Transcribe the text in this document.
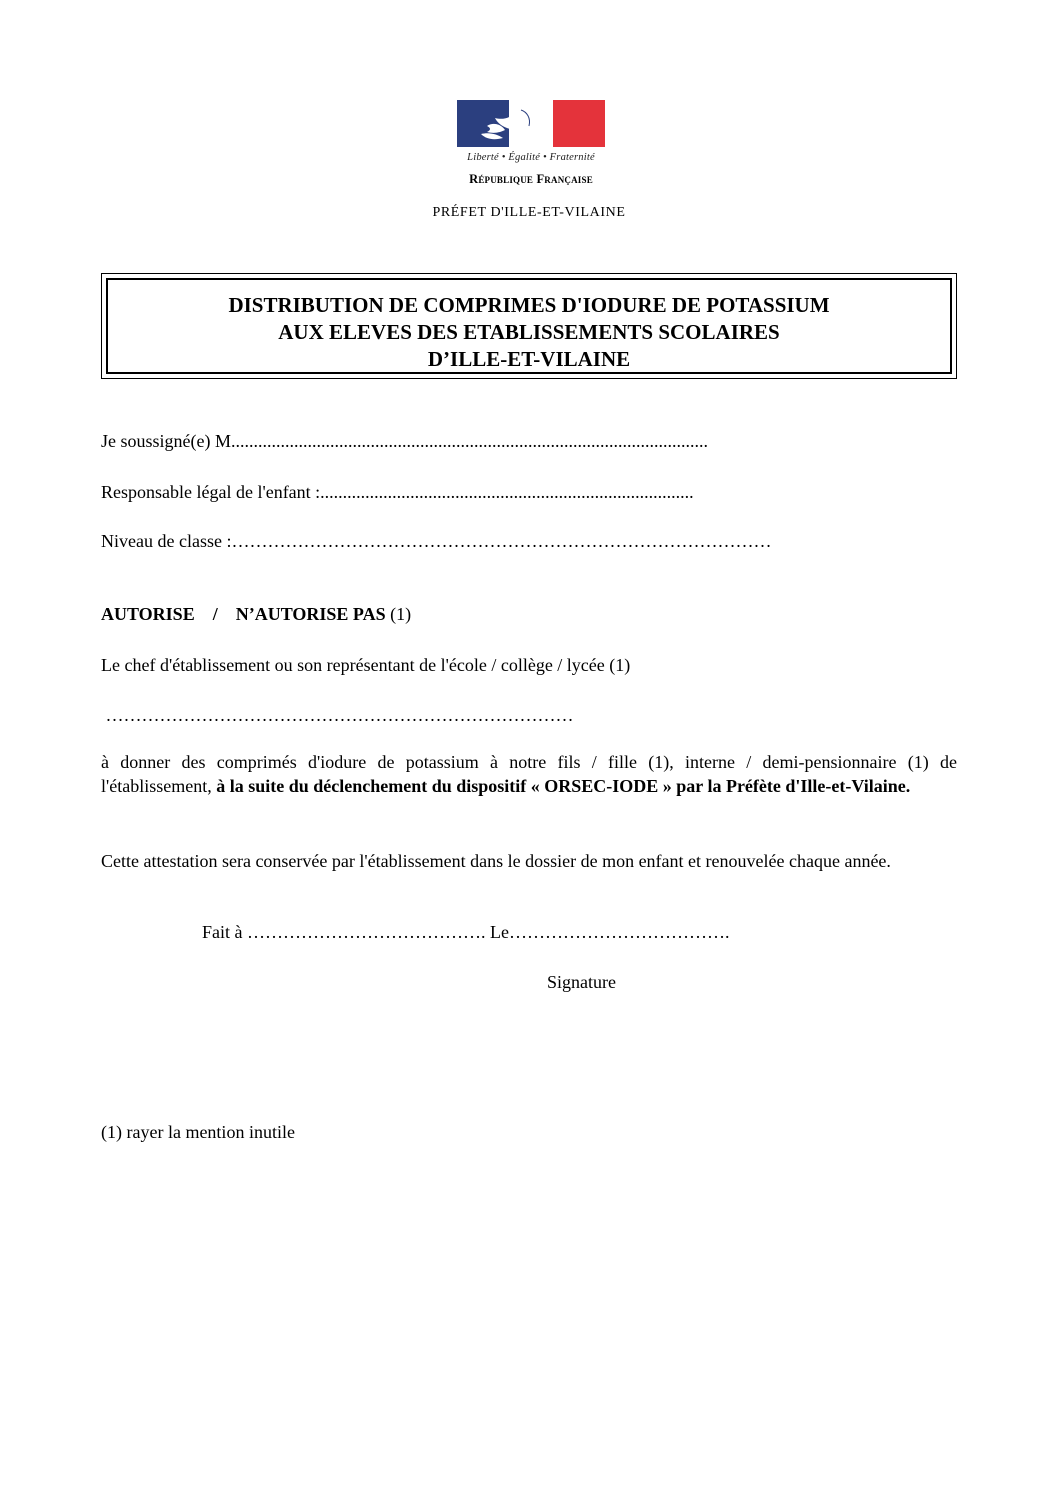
Liberté • Égalité • Fraternité
République Française
PRÉFET D'ILLE-ET-VILAINE
DISTRIBUTION DE COMPRIMES D'IODURE DE POTASSIUM
AUX ELEVES DES ETABLISSEMENTS SCOLAIRES
D’ILLE-ET-VILAINE
Je soussigné(e) M..........................................................................................................
Responsable légal de l'enfant :...................................................................................
Niveau de classe :………………………………………………………………………………
AUTORISE / N’AUTORISE PAS (1)
Le chef d'établissement ou son représentant de l'école / collège / lycée (1)
……………………………………………………………………
à donner des comprimés d'iodure de potassium à notre fils / fille (1), interne / demi-pensionnaire (1) de l'établissement, à la suite du déclenchement du dispositif « ORSEC-IODE » par la Préfète d'Ille-et-Vilaine.
Cette attestation sera conservée par l'établissement dans le dossier de mon enfant et renouvelée chaque année.
Fait à …………………………………. Le……………………………….
Signature
(1) rayer la mention inutile
